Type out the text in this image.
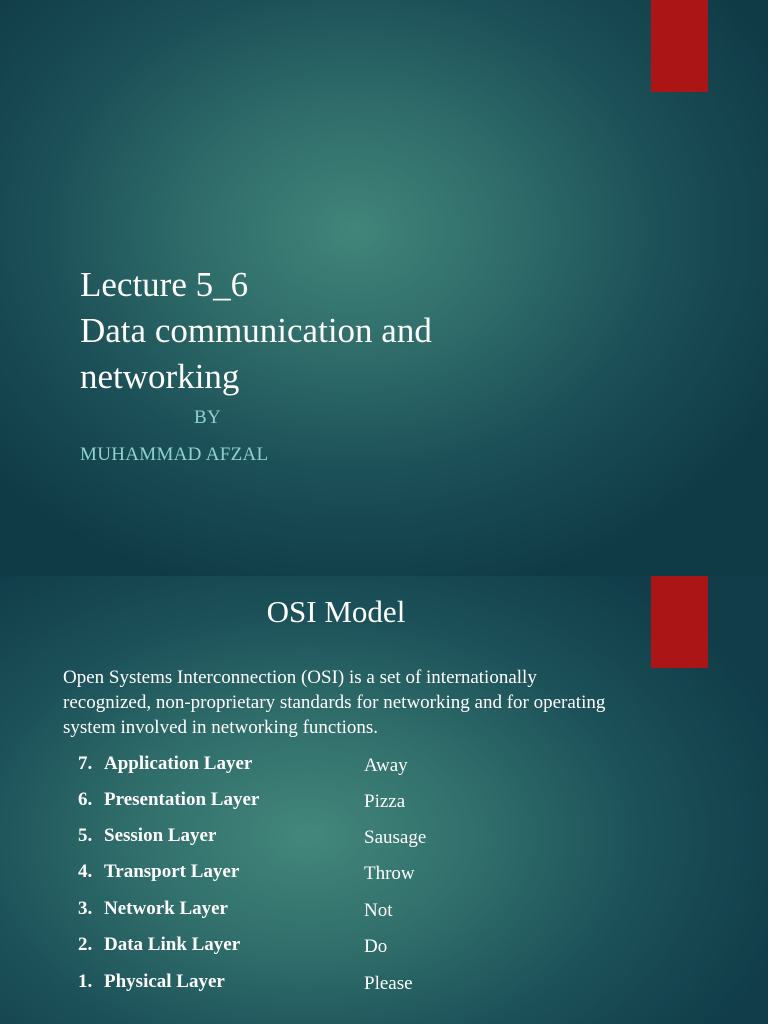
Lecture 5_6
Data communication and
networking
BY
MUHAMMAD AFZAL
OSI Model
Open Systems Interconnection (OSI) is a set of internationally recognized, non-proprietary standards for networking and for operating system involved in networking functions.
7. Application Layer	Away
6. Presentation Layer	Pizza
5. Session Layer	Sausage
4. Transport Layer	Throw
3. Network Layer	Not
2. Data Link Layer	Do
1. Physical Layer	Please
